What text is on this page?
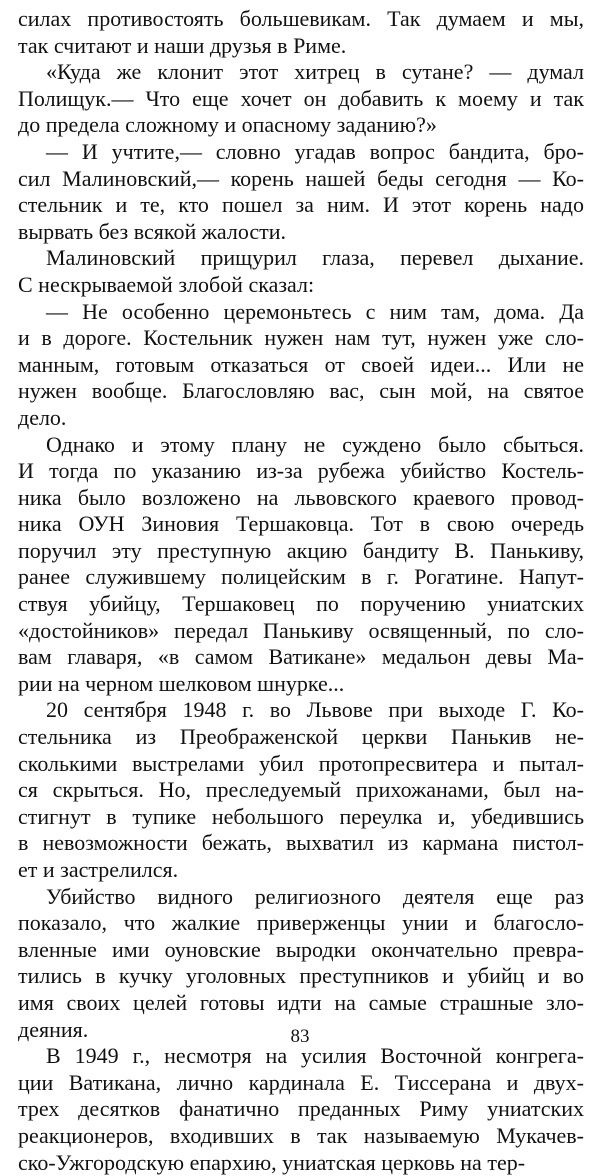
силах противостоять большевикам. Так думаем и мы,
так считают и наши друзья в Риме.
«Куда же клонит этот хитрец в сутане? — думал
Полищук.— Что еще хочет он добавить к моему и так
до предела сложному и опасному заданию?»
— И учтите,— словно угадав вопрос бандита, бро-
сил Малиновский,— корень нашей беды сегодня — Ко-
стельник и те, кто пошел за ним. И этот корень надо
вырвать без всякой жалости.
Малиновский прищурил глаза, перевел дыхание.
С нескрываемой злобой сказал:
— Не особенно церемоньтесь с ним там, дома. Да
и в дороге. Костельник нужен нам тут, нужен уже сло-
манным, готовым отказаться от своей идеи... Или не
нужен вообще. Благословляю вас, сын мой, на святое
дело.
Однако и этому плану не суждено было сбыться.
И тогда по указанию из-за рубежа убийство Костель-
ника было возложено на львовского краевого провод-
ника ОУН Зиновия Тершаковца. Тот в свою очередь
поручил эту преступную акцию бандиту В. Панькиву,
ранее служившему полицейским в г. Рогатине. Напут-
ствуя убийцу, Тершаковец по поручению униатских
«достойников» передал Панькиву освященный, по сло-
вам главаря, «в самом Ватикане» медальон девы Ма-
рии на черном шелковом шнурке...
20 сентября 1948 г. во Львове при выходе Г. Ко-
стельника из Преображенской церкви Панькив не-
сколькими выстрелами убил протопресвитера и пытал-
ся скрыться. Но, преследуемый прихожанами, был на-
стигнут в тупике небольшого переулка и, убедившись
в невозможности бежать, выхватил из кармана пистол-
ет и застрелился.
Убийство видного религиозного деятеля еще раз
показало, что жалкие приверженцы унии и благосло-
вленные ими оуновские выродки окончательно превра-
тились в кучку уголовных преступников и убийц и во
имя своих целей готовы идти на самые страшные зло-
деяния.
В 1949 г., несмотря на усилия Восточной конгрега-
ции Ватикана, лично кардинала Е. Тиссерана и двух-
трех десятков фанатично преданных Риму униатских
реакционеров, входивших в так называемую Мукачев-
ско-Ужгородскую епархию, униатская церковь на тер-
83
